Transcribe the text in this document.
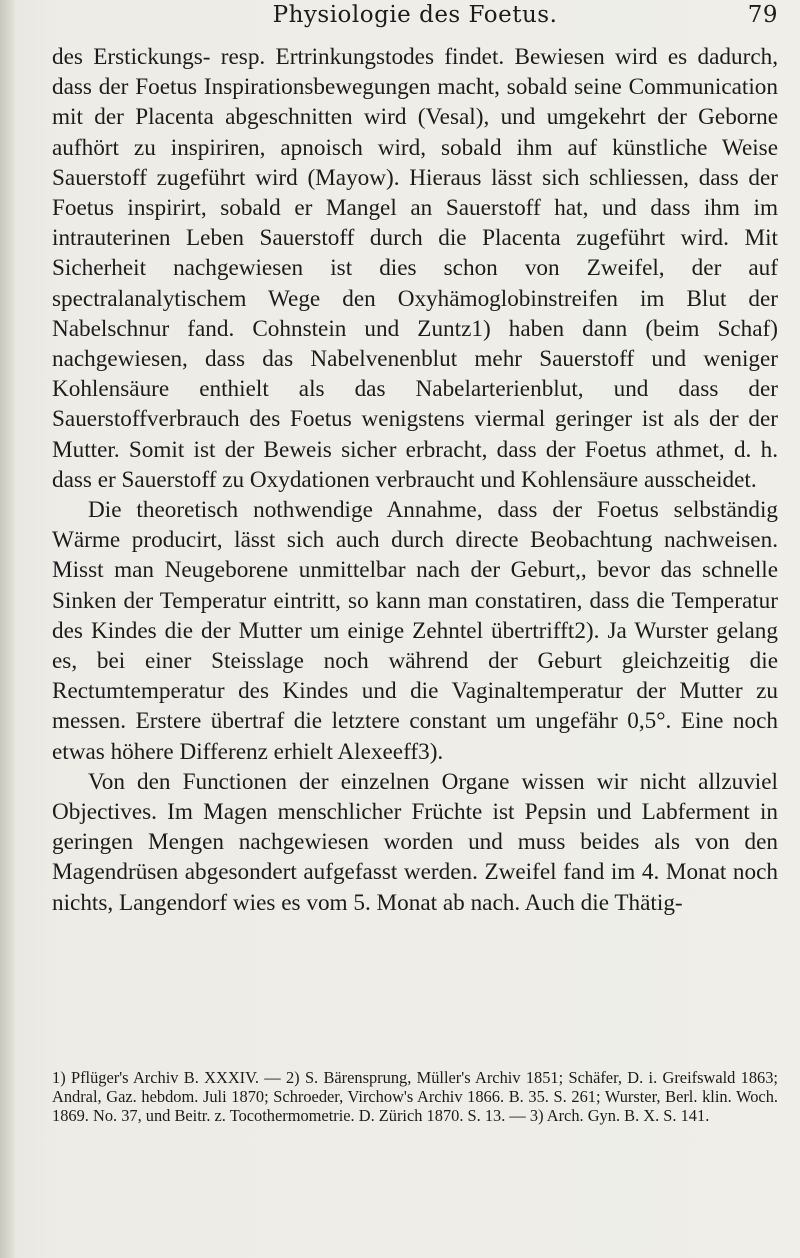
Physiologie des Foetus.	79

des Erstickungs- resp. Ertrinkungstodes findet. Bewiesen wird es dadurch, dass der Foetus Inspirationsbewegungen macht, sobald seine Communication mit der Placenta abgeschnitten wird (Vesal), und umgekehrt der Geborne aufhört zu inspiriren, apnoisch wird, sobald ihm auf künstliche Weise Sauerstoff zugeführt wird (Mayow). Hieraus lässt sich schliessen, dass der Foetus inspirirt, sobald er Mangel an Sauerstoff hat, und dass ihm im intrauterinen Leben Sauerstoff durch die Placenta zugeführt wird. Mit Sicherheit nachgewiesen ist dies schon von Zweifel, der auf spectralanalytischem Wege den Oxyhämoglobinstreifen im Blut der Nabelschnur fand. Cohnstein und Zuntz1) haben dann (beim Schaf) nachgewiesen, dass das Nabelvenenblut mehr Sauerstoff und weniger Kohlensäure enthielt als das Nabelarterienblut, und dass der Sauerstoffverbrauch des Foetus wenigstens viermal geringer ist als der der Mutter. Somit ist der Beweis sicher erbracht, dass der Foetus athmet, d. h. dass er Sauerstoff zu Oxydationen verbraucht und Kohlensäure ausscheidet.

Die theoretisch nothwendige Annahme, dass der Foetus selbständig Wärme producirt, lässt sich auch durch directe Beobachtung nachweisen. Misst man Neugeborene unmittelbar nach der Geburt,, bevor das schnelle Sinken der Temperatur eintritt, so kann man constatiren, dass die Temperatur des Kindes die der Mutter um einige Zehntel übertrifft2). Ja Wurster gelang es, bei einer Steisslage noch während der Geburt gleichzeitig die Rectumtemperatur des Kindes und die Vaginaltemperatur der Mutter zu messen. Erstere übertraf die letztere constant um ungefähr 0,5°. Eine noch etwas höhere Differenz erhielt Alexeeff3).

Von den Functionen der einzelnen Organe wissen wir nicht allzuviel Objectives. Im Magen menschlicher Früchte ist Pepsin und Labferment in geringen Mengen nachgewiesen worden und muss beides als von den Magendrüsen abgesondert aufgefasst werden. Zweifel fand im 4. Monat noch nichts, Langendorf wies es vom 5. Monat ab nach. Auch die Thätig-

1) Pflüger's Archiv B. XXXIV. — 2) S. Bärensprung, Müller's Archiv 1851; Schäfer, D. i. Greifswald 1863; Andral, Gaz. hebdom. Juli 1870; Schroeder, Virchow's Archiv 1866. B. 35. S. 261; Wurster, Berl. klin. Woch. 1869. No. 37, und Beitr. z. Tocothermometrie. D. Zürich 1870. S. 13. — 3) Arch. Gyn. B. X. S. 141.
